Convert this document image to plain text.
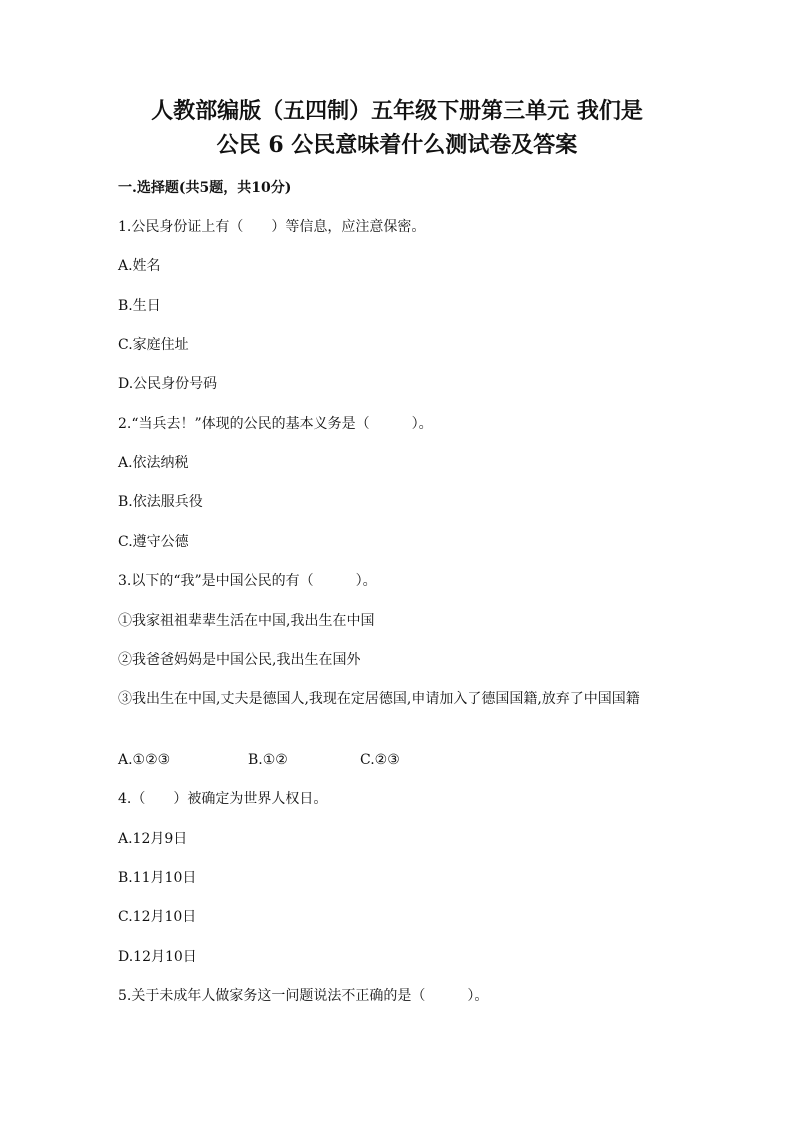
人教部编版（五四制）五年级下册第三单元 我们是
公民 6 公民意味着什么测试卷及答案
一.选择题(共5题，共10分)
1.公民身份证上有（　　）等信息，应注意保密。
A.姓名
B.生日
C.家庭住址
D.公民身份号码
2.“当兵去！”体现的公民的基本义务是（　　　）。
A.依法纳税
B.依法服兵役
C.遵守公德
3.以下的“我”是中国公民的有（　　　）。
①我家祖祖辈辈生活在中国,我出生在中国
②我爸爸妈妈是中国公民,我出生在国外
③我出生在中国,丈夫是德国人,我现在定居德国,申请加入了德国国籍,放弃了中国国籍
A.①②③	B.①②	C.②③
4.（　　）被确定为世界人权日。
A.12月9日
B.11月10日
C.12月10日
D.12月10日
5.关于未成年人做家务这一问题说法不正确的是（　　　）。
